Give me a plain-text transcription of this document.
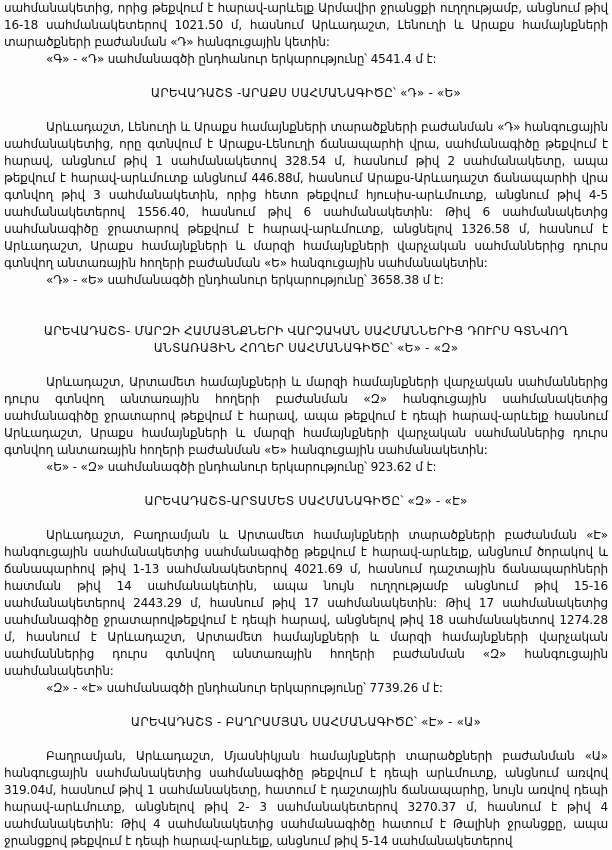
սահմանակետից, որից թեքվում է հարավ-արևելք Արմավիր ջրանցքի ուղղությամբ, անցնում թիվ 16-18 սահմանակետերով 1021.50 մ, հասնում Արևադաշտ, Լենուղի և Արաքս համայնքների տարածքների բաժանման «Դ» հանգուցային կետին:

«Գ» - «Դ» սահմանագծի ընդհանուր երկարությունը՝ 4541.4 մ է:

ԱՐԵՎԱԴԱՇՏ -ԱՐԱՔՍ ՍԱՀՄԱՆԱԳԻԾԸ՝ «Դ» - «Ե»

Արևադաշտ, Լենուղի և Արաքս համայնքների տարածքների բաժանման «Դ» հանգուցային սահմանակետից, որը գտնվում է Արաքս-Լենուղի ճանապարհի վրա, սահմանագիծը թեքվում է հարավ, անցնում թիվ 1 սահմանակետով 328.54 մ, հասնում թիվ 2 սահմանակետը, ապա թեքվում է հարավ-արևմուտք անցնում 446.88մ, հասնում Արաքս-Արևադաշտ ճանապարհի վրա գտնվող թիվ 3 սահմանակետին, որից հետո թեքվում հյուսիս-արևմուտք, անցնում թիվ 4-5 սահմանակետերով 1556.40, հասնում թիվ 6 սահմանակետին: Թիվ 6 սահմանակետից սահմանագիծը ջրատարով թեքվում է հարավ-արևմուտք, անցնելով 1326.58 մ, հասնում է Արևադաշտ, Արաքս համայնքների և մարզի համայնքների վարչական սահմաններից դուրս գտնվող անտառային հողերի բաժանման «Ե» հանգուցային սահմանակետին:

«Դ» - «Ե» սահմանագծի ընդհանուր երկարությունը՝ 3658.38 մ է:

ԱՐԵՎԱԴԱՇՏ- ՄԱՐԶԻ ՀԱՄԱՅՆՔՆԵՐԻ ՎԱՐՉԱԿԱՆ ՍԱՀՄԱՆՆԵՐԻՑ ԴՈՒՐՍ ԳՏՆՎՈՂ ԱՆՏԱՌԱՅԻՆ ՀՈՂԵՐ ՍԱՀՄԱՆԱԳԻԾԸ՝ «Ե» - «Զ»

Արևադաշտ, Արտամետ համայնքների և մարզի համայնքների վարչական սահմաններից դուրս գտնվող անտառային հողերի բաժանման «Զ» հանգուցային սահմանակետից սահմանագիծը ջրատարով թեքվում է հարավ, ապա թեքվում է դեպի հարավ-արևելք հասնում Արևադաշտ, Արաքս համայնքների և մարզի համայնքների վարչական սահմաններից դուրս գտնվող անտառային հողերի բաժանման «Ե» հանգուցային սահմանակետին:

«Ե» - «Զ» սահմանագծի ընդհանուր երկարությունը՝ 923.62 մ է:

ԱՐԵՎԱԴԱՇՏ-ԱՐՏԱՄԵՏ ՍԱՀՄԱՆԱԳԻԾԸ՝ «Զ» - «Է»

Արևադաշտ, Բաղրամյան և Արտամետ համայնքների տարածքների բաժանման «Է» հանգուցային սահմանակետից սահմանագիծը թեքվում է հարավ-արևելք, անցնում ծորակով և ճանապարհով թիվ 1-13 սահմանակետերով 4021.69 մ, հասնում դաշտային ճանապարհների հատման թիվ 14 սահմանակետին, ապա նույն ուղղությամբ անցնում թիվ 15-16 սահմանակետերով 2443.29 մ, հասնում թիվ 17 սահմանակետին: Թիվ 17 սահմանակետից սահմանագիծը ջրատարովթեքվում է դեպի հարավ, անցնելով թիվ 18 սահմանակետով 1274.28 մ, հասնում է Արևադաշտ, Արտամետ համայնքների և մարզի համայնքների վարչական սահմաններից դուրս գտնվող անտառային հողերի բաժանման «Զ» հանգուցային սահմանակետին:

«Զ» - «Է» սահմանագծի ընդհանուր երկարությունը՝ 7739.26 մ է:

ԱՐԵՎԱԴԱՇՏ - ԲԱՂՐԱՄՅԱՆ ՍԱՀՄԱՆԱԳԻԾԸ՝ «Է» - «Ա»

Բաղրամյան, Արևադաշտ, Մյասնիկյան համայնքների տարածքների բաժանման «Ա» հանգուցային սահմանակետից սահմանագիծը թեքվում է դեպի արևմուտք, անցնում առվով 319.04մ, հասնում թիվ 1 սահմանակետը, հատում է դաշտային ճանապարհը, նույն առվով դեպի հարավ-արևմուտք, անցնելով թիվ 2- 3 սահմանակետերով 3270.37 մ, հասնում է թիվ 4 սահմանակետին: Թիվ 4 սահմանակետից սահմանագիծը հատում է Թալինի ջրանցքը, ապա ջրանցքով թեքվում է դեպի հարավ-արևելք, անցնում թիվ 5-14 սահմանակետերով
